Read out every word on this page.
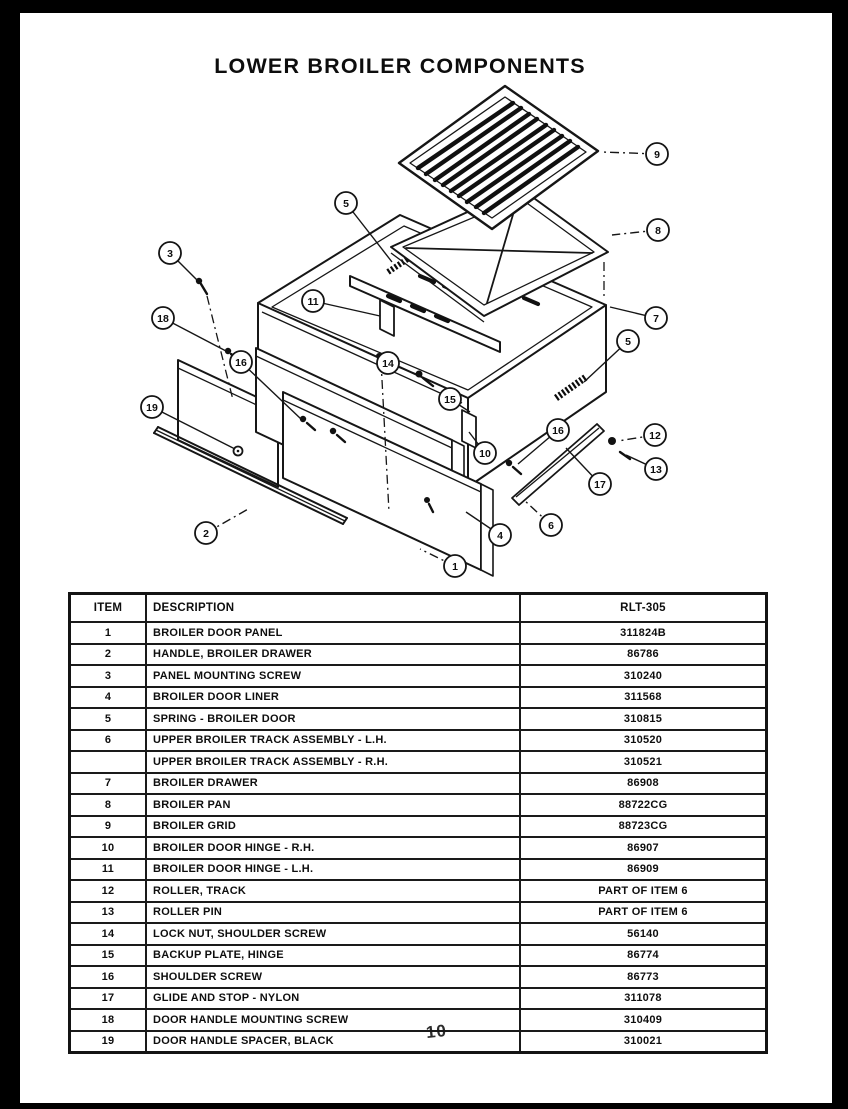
LOWER BROILER COMPONENTS
1
2
3
4
5
5
6
7
8
9
10
11
12
13
14
15
16
16
17
18
19
ITEM	DESCRIPTION	RLT-305
1	BROILER DOOR PANEL	311824B
2	HANDLE, BROILER DRAWER	86786
3	PANEL MOUNTING SCREW	310240
4	BROILER DOOR LINER	311568
5	SPRING - BROILER DOOR	310815
6	UPPER BROILER TRACK ASSEMBLY - L.H.	310520
	UPPER BROILER TRACK ASSEMBLY - R.H.	310521
7	BROILER DRAWER	86908
8	BROILER PAN	88722CG
9	BROILER GRID	88723CG
10	BROILER DOOR HINGE - R.H.	86907
11	BROILER DOOR HINGE - L.H.	86909
12	ROLLER, TRACK	PART OF ITEM 6
13	ROLLER PIN	PART OF ITEM 6
14	LOCK NUT, SHOULDER SCREW	56140
15	BACKUP PLATE, HINGE	86774
16	SHOULDER SCREW	86773
17	GLIDE AND STOP - NYLON	311078
18	DOOR HANDLE MOUNTING SCREW	310409
19	DOOR HANDLE SPACER, BLACK	310021
10
